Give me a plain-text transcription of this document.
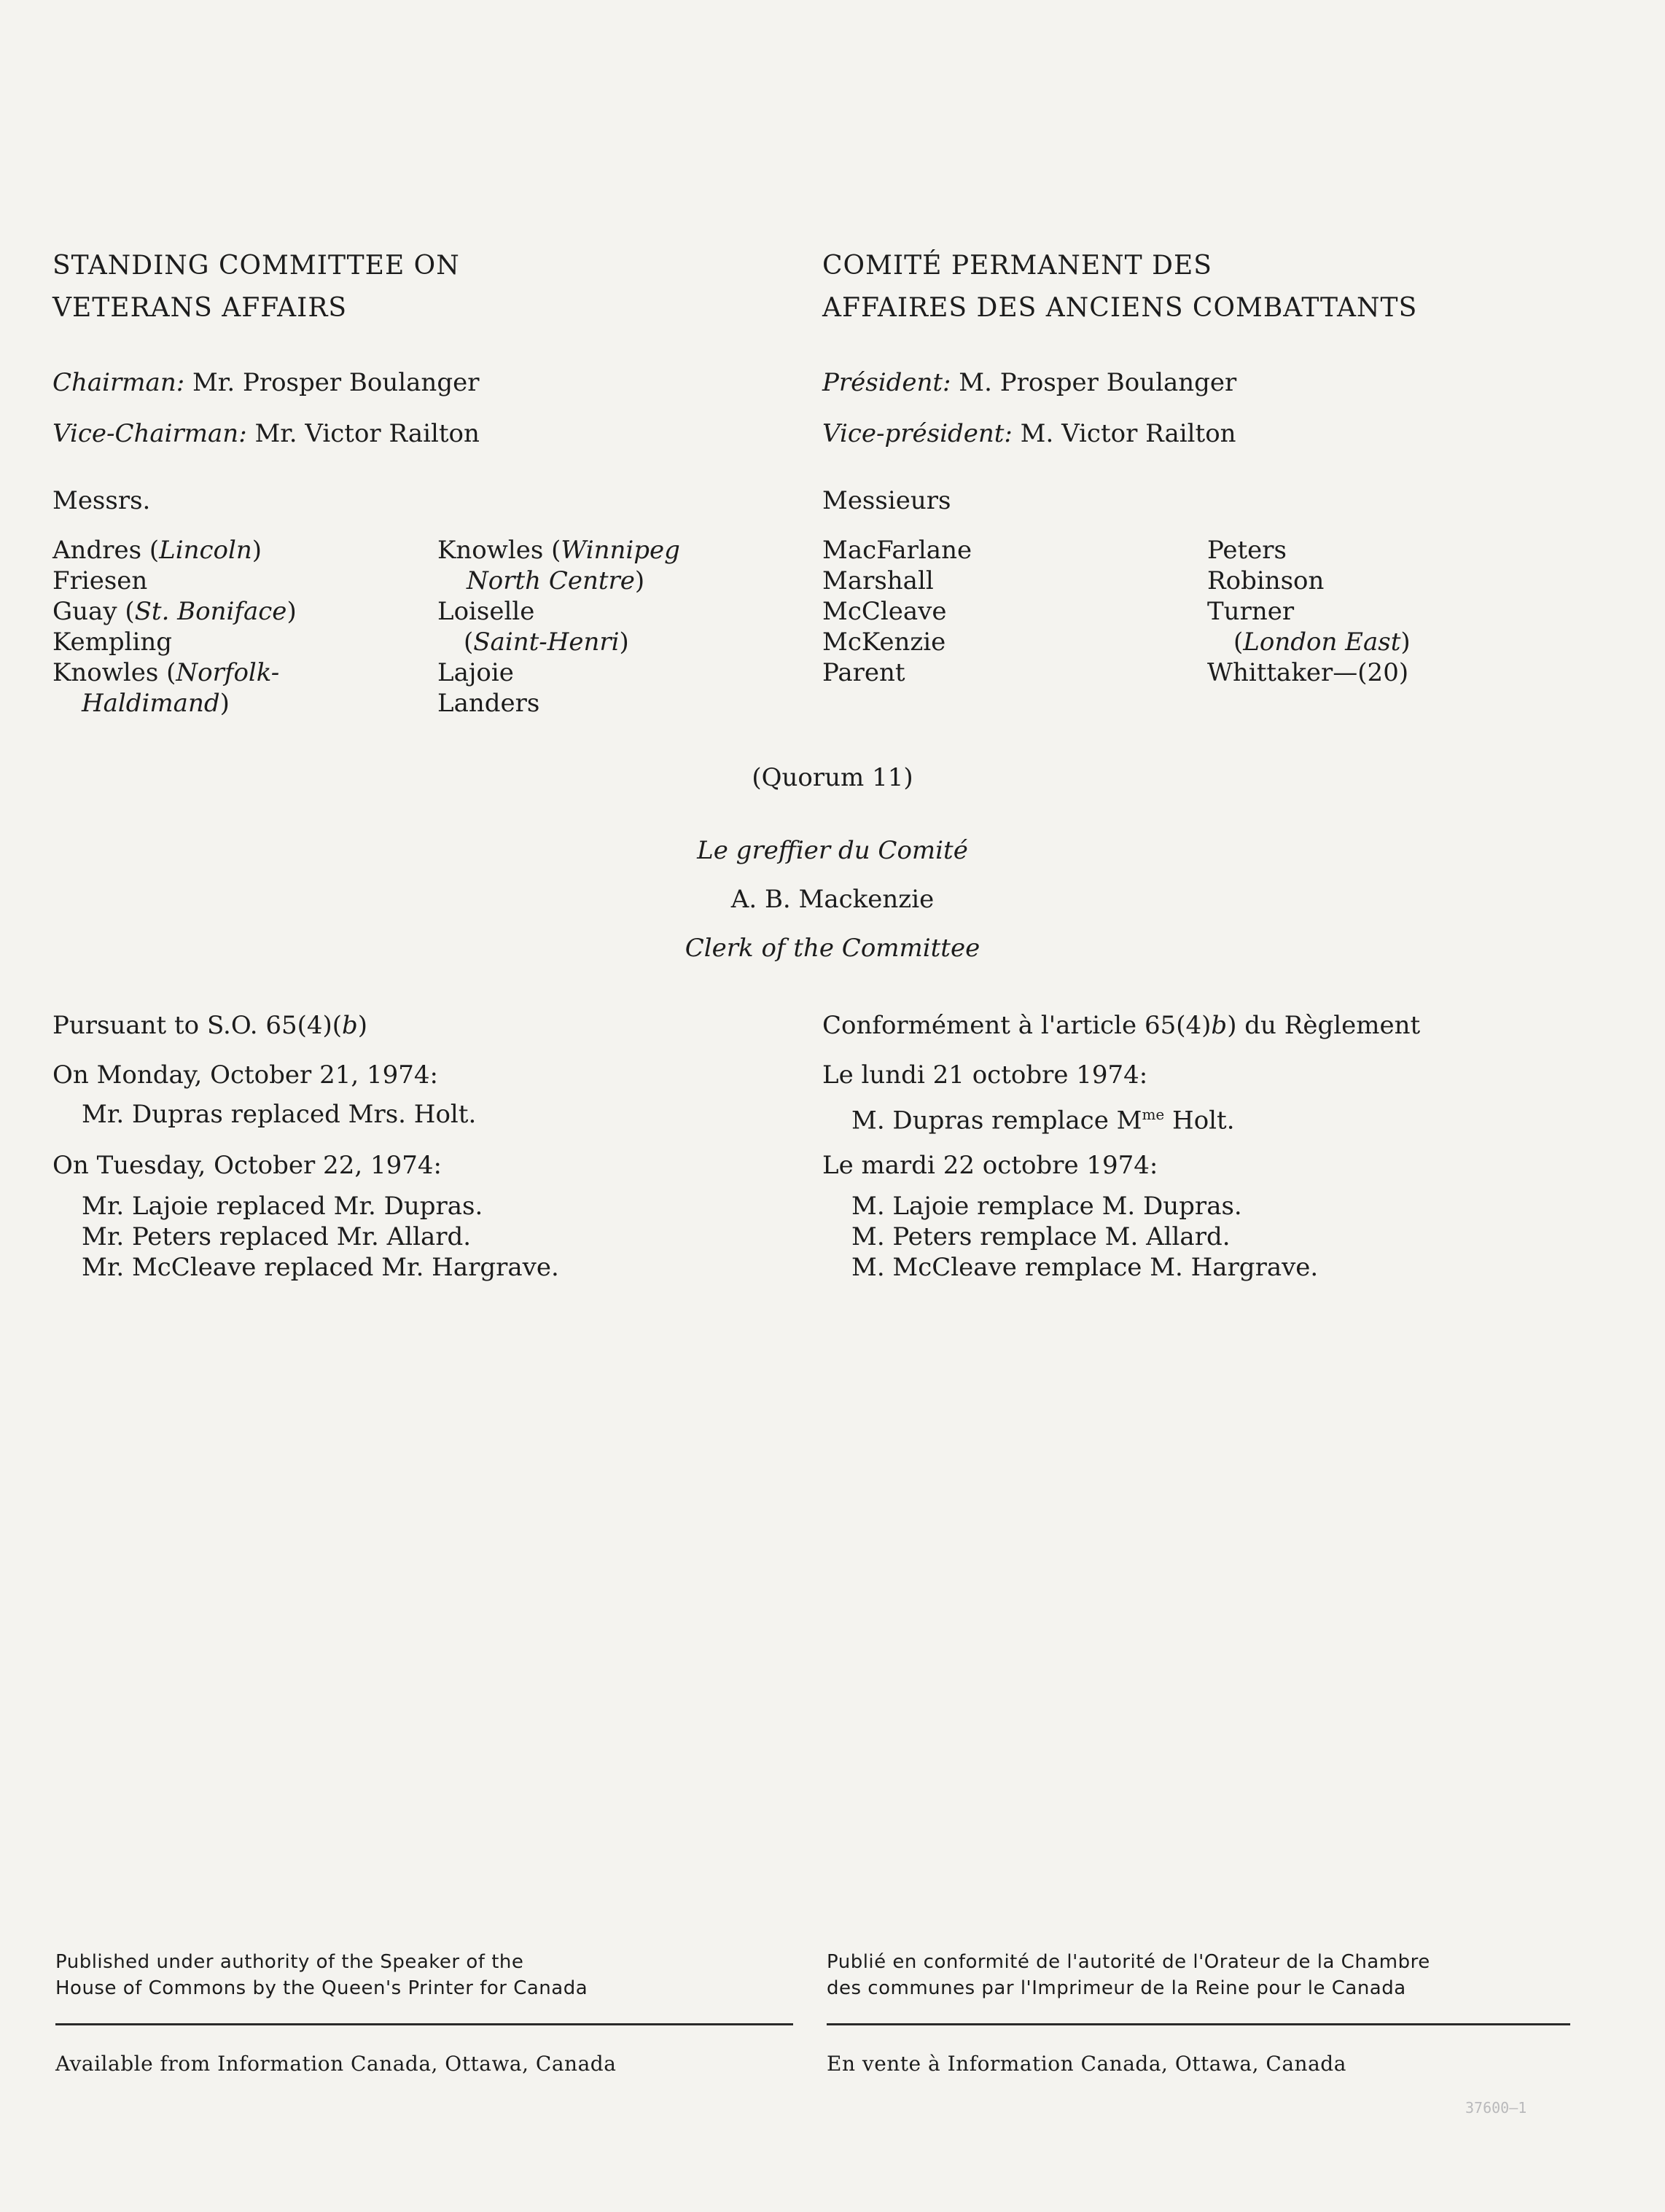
STANDING COMMITTEE ON
VETERANS AFFAIRS
Chairman: Mr. Prosper Boulanger
Vice-Chairman: Mr. Victor Railton
Messrs.
Andres (Lincoln)
Friesen
Guay (St. Boniface)
Kempling
Knowles (Norfolk-
Haldimand)
Knowles (Winnipeg
North Centre)
Loiselle
(Saint-Henri)
Lajoie
Landers
COMITÉ PERMANENT DES
AFFAIRES DES ANCIENS COMBATTANTS
Président: M. Prosper Boulanger
Vice-président: M. Victor Railton
Messieurs
MacFarlane
Marshall
McCleave
McKenzie
Parent
Peters
Robinson
Turner
(London East)
Whittaker—(20)
(Quorum 11)
Le greffier du Comité
A. B. Mackenzie
Clerk of the Committee
Pursuant to S.O. 65(4)(b)
On Monday, October 21, 1974:
Mr. Dupras replaced Mrs. Holt.
On Tuesday, October 22, 1974:
Mr. Lajoie replaced Mr. Dupras.
Mr. Peters replaced Mr. Allard.
Mr. McCleave replaced Mr. Hargrave.
Conformément à l'article 65(4)b) du Règlement
Le lundi 21 octobre 1974:
M. Dupras remplace $M^{me}$ Holt.
Le mardi 22 octobre 1974:
M. Lajoie remplace M. Dupras.
M. Peters remplace M. Allard.
M. McCleave remplace M. Hargrave.
Published under authority of the Speaker of the
House of Commons by the Queen's Printer for Canada
Publié en conformité de l'autorité de l'Orateur de la Chambre
des communes par l'Imprimeur de la Reine pour le Canada
Available from Information Canada, Ottawa, Canada	En vente à Information Canada, Ottawa, Canada
37600—1
